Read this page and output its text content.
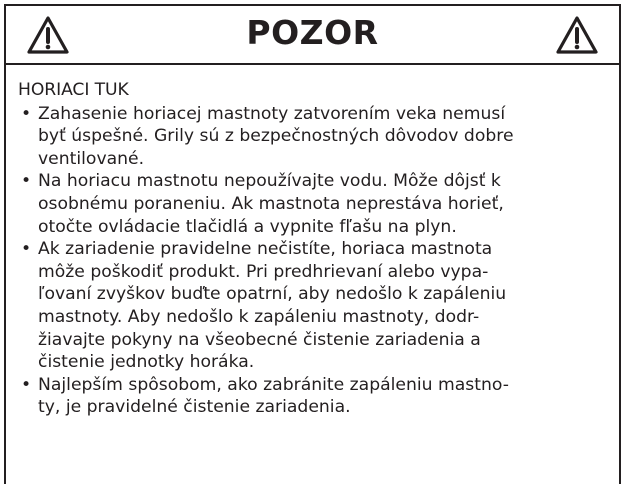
POZOR
HORIACI TUK
• Zahasenie horiacej mastnoty zatvorením veka nemusí
byť úspešné. Grily sú z bezpečnostných dôvodov dobre
ventilované.
• Na horiacu mastnotu nepoužívajte vodu. Môže dôjsť k
osobnému poraneniu. Ak mastnota neprestáva horieť,
otočte ovládacie tlačidlá a vypnite fľašu na plyn.
• Ak zariadenie pravidelne nečistíte, horiaca mastnota
môže poškodiť produkt. Pri predhrievaní alebo vypa-
ľovaní zvyškov buďte opatrní, aby nedošlo k zapáleniu
mastnoty. Aby nedošlo k zapáleniu mastnoty, dodr-
žiavajte pokyny na všeobecné čistenie zariadenia a
čistenie jednotky horáka.
• Najlepším spôsobom, ako zabránite zapáleniu mastno-
ty, je pravidelné čistenie zariadenia.
